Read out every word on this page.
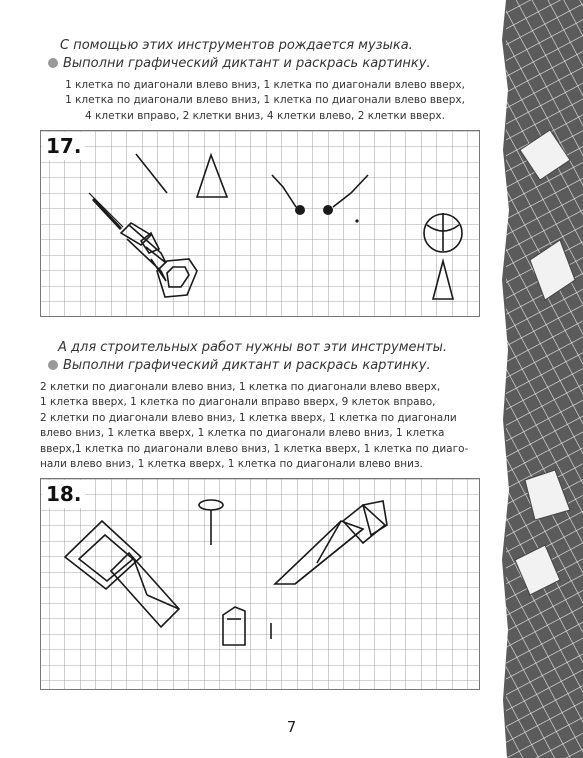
С помощью этих инструментов рождается музыка.
Выполни графический диктант и раскрась картинку.
1 клетка по диагонали влево вниз, 1 клетка по диагонали влево вверх,
1 клетка по диагонали влево вниз, 1 клетка по диагонали влево вверх,
4 клетки вправо, 2 клетки вниз, 4 клетки влево, 2 клетки вверх.
17.
А для строительных работ нужны вот эти инструменты.
Выполни графический диктант и раскрась картинку.
2 клетки по диагонали влево вниз, 1 клетка по диагонали влево вверх,
1 клетка вверх, 1 клетка по диагонали вправо вверх, 9 клеток вправо,
2 клетки по диагонали влево вниз, 1 клетка вверх, 1 клетка по диагонали
влево вниз, 1 клетка вверх, 1 клетка по диагонали влево вниз, 1 клетка
вверх,1 клетка по диагонали влево вниз, 1 клетка вверх, 1 клетка по диаго-
нали влево вниз, 1 клетка вверх, 1 клетка по диагонали влево вниз.
18.
7
